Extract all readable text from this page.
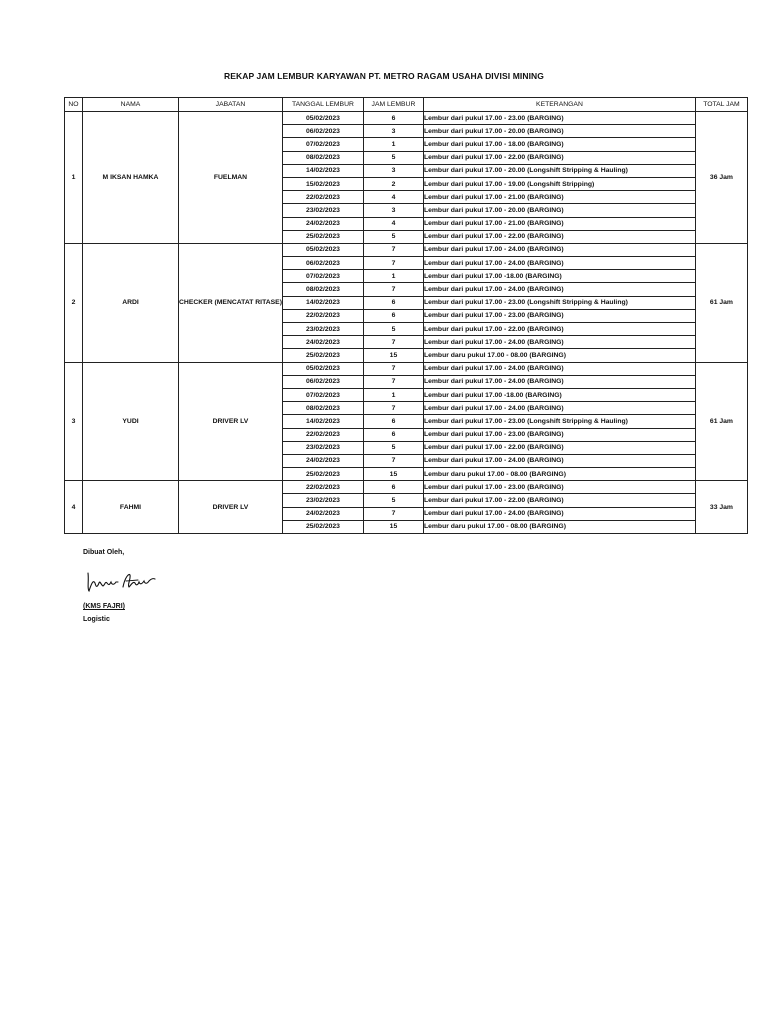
REKAP JAM LEMBUR KARYAWAN PT. METRO RAGAM USAHA DIVISI MINING
NO	NAMA	JABATAN	TANGGAL LEMBUR	JAM LEMBUR	KETERANGAN	TOTAL JAM
1	M IKSAN HAMKA	FUELMAN	05/02/2023	6	Lembur dari pukul 17.00 - 23.00 (BARGING)	36 Jam
			06/02/2023	3	Lembur dari pukul 17.00 - 20.00 (BARGING)	
			07/02/2023	1	Lembur dari pukul 17.00 - 18.00 (BARGING)	
			08/02/2023	5	Lembur dari pukul 17.00 - 22.00 (BARGING)	
			14/02/2023	3	Lembur dari pukul 17.00 - 20.00 (Longshift Stripping & Hauling)	
			15/02/2023	2	Lembur dari pukul 17.00 - 19.00 (Longshift Stripping)	
			22/02/2023	4	Lembur dari pukul 17.00 - 21.00 (BARGING)	
			23/02/2023	3	Lembur dari pukul 17.00 - 20.00 (BARGING)	
			24/02/2023	4	Lembur dari pukul 17.00 - 21.00 (BARGING)	
			25/02/2023	5	Lembur dari pukul 17.00 - 22.00 (BARGING)	
2	ARDI	CHECKER (MENCATAT RITASE)	05/02/2023	7	Lembur dari pukul 17.00 - 24.00 (BARGING)	61 Jam
			06/02/2023	7	Lembur dari pukul 17.00 - 24.00 (BARGING)	
			07/02/2023	1	Lembur dari pukul 17.00 -18.00 (BARGING)	
			08/02/2023	7	Lembur dari pukul 17.00 - 24.00 (BARGING)	
			14/02/2023	6	Lembur dari pukul 17.00 - 23.00 (Longshift Stripping & Hauling)	
			22/02/2023	6	Lembur dari pukul 17.00 - 23.00 (BARGING)	
			23/02/2023	5	Lembur dari pukul 17.00 - 22.00 (BARGING)	
			24/02/2023	7	Lembur dari pukul 17.00 - 24.00 (BARGING)	
			25/02/2023	15	Lembur daru pukul 17.00 - 08.00 (BARGING)	
3	YUDI	DRIVER LV	05/02/2023	7	Lembur dari pukul 17.00 - 24.00 (BARGING)	61 Jam
			06/02/2023	7	Lembur dari pukul 17.00 - 24.00 (BARGING)	
			07/02/2023	1	Lembur dari pukul 17.00 -18.00 (BARGING)	
			08/02/2023	7	Lembur dari pukul 17.00 - 24.00 (BARGING)	
			14/02/2023	6	Lembur dari pukul 17.00 - 23.00 (Longshift Stripping & Hauling)	
			22/02/2023	6	Lembur dari pukul 17.00 - 23.00 (BARGING)	
			23/02/2023	5	Lembur dari pukul 17.00 - 22.00 (BARGING)	
			24/02/2023	7	Lembur dari pukul 17.00 - 24.00 (BARGING)	
			25/02/2023	15	Lembur daru pukul 17.00 - 08.00 (BARGING)	
4	FAHMI	DRIVER LV	22/02/2023	6	Lembur dari pukul 17.00 - 23.00 (BARGING)	33 Jam
			23/02/2023	5	Lembur dari pukul 17.00 - 22.00 (BARGING)	
			24/02/2023	7	Lembur dari pukul 17.00 - 24.00 (BARGING)	
			25/02/2023	15	Lembur daru pukul 17.00 - 08.00 (BARGING)	
Dibuat Oleh,
(KMS FAJRI)
Logistic
